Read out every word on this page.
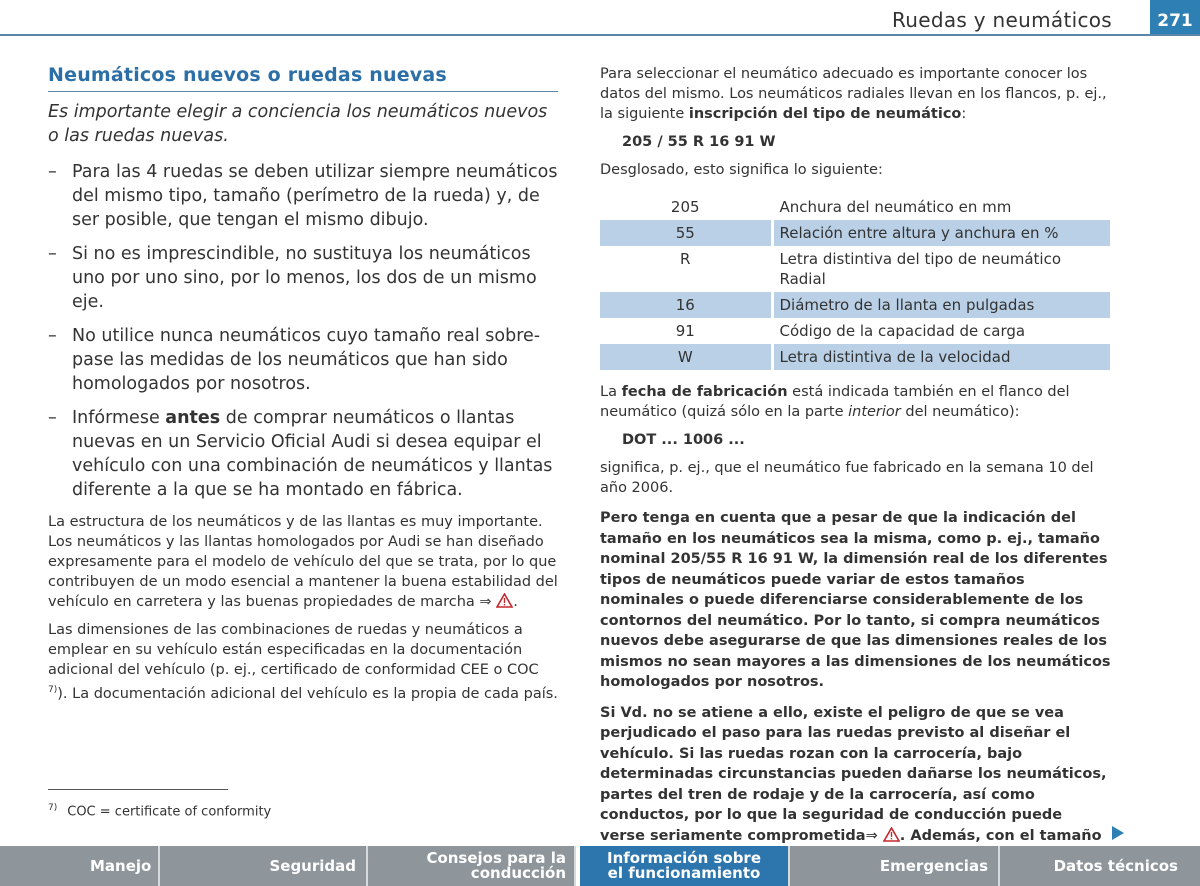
Ruedas y neumáticos	271
Neumáticos nuevos o ruedas nuevas
Es importante elegir a conciencia los neumáticos nuevos o las ruedas nuevas.
– Para las 4 ruedas se deben utilizar siempre neumáticos del mismo tipo, tamaño (perímetro de la rueda) y, de ser posible, que tengan el mismo dibujo.
– Si no es imprescindible, no sustituya los neumáticos uno por uno sino, por lo menos, los dos de un mismo eje.
– No utilice nunca neumáticos cuyo tamaño real sobrepase las medidas de los neumáticos que han sido homologados por nosotros.
– Infórmese antes de comprar neumáticos o llantas nuevas en un Servicio Oficial Audi si desea equipar el vehículo con una combinación de neumáticos y llantas diferente a la que se ha montado en fábrica.

La estructura de los neumáticos y de las llantas es muy importante. Los neumáticos y las llantas homologados por Audi se han diseñado expresamente para el modelo de vehículo del que se trata, por lo que contribuyen de un modo esencial a mantener la buena estabilidad del vehículo en carretera y las buenas propiedades de marcha ⇒ .

Las dimensiones de las combinaciones de ruedas y neumáticos a emplear en su vehículo están especificadas en la documentación adicional del vehículo (p. ej., certificado de conformidad CEE o COC $^{7)}$). La documentación adicional del vehículo es la propia de cada país.

$^{7)}$ COC = certificate of conformity

Para seleccionar el neumático adecuado es importante conocer los datos del mismo. Los neumáticos radiales llevan en los flancos, p. ej., la siguiente inscripción del tipo de neumático:

205 / 55 R 16 91 W

Desglosado, esto significa lo siguiente:

205	Anchura del neumático en mm
55	Relación entre altura y anchura en %
R	Letra distintiva del tipo de neumático Radial
16	Diámetro de la llanta en pulgadas
91	Código de la capacidad de carga
W	Letra distintiva de la velocidad

La fecha de fabricación está indicada también en el flanco del neumático (quizá sólo en la parte interior del neumático):

DOT ... 1006 ...

significa, p. ej., que el neumático fue fabricado en la semana 10 del año 2006.

Pero tenga en cuenta que a pesar de que la indicación del tamaño en los neumáticos sea la misma, como p. ej., tamaño nominal 205/55 R 16 91 W, la dimensión real de los diferentes tipos de neumáticos puede variar de estos tamaños nominales o puede diferenciarse considerablemente de los contornos del neumático. Por lo tanto, si compra neumáticos nuevos debe asegurarse de que las dimensiones reales de los mismos no sean mayores a las dimensiones de los neumáticos homologados por nosotros.

Si Vd. no se atiene a ello, existe el peligro de que se vea perjudicado el paso para las ruedas previsto al diseñar el vehículo. Si las ruedas rozan con la carrocería, bajo determinadas circunstancias pueden dañarse los neumáticos, partes del tren de rodaje y de la carrocería, así como conductos, por lo que la seguridad de conducción puede verse seriamente comprometida⇒ . Además, con el tamaño

Manejo	Seguridad	Consejos para la conducción
Información sobre el funcionamiento	Emergencias	Datos técnicos
